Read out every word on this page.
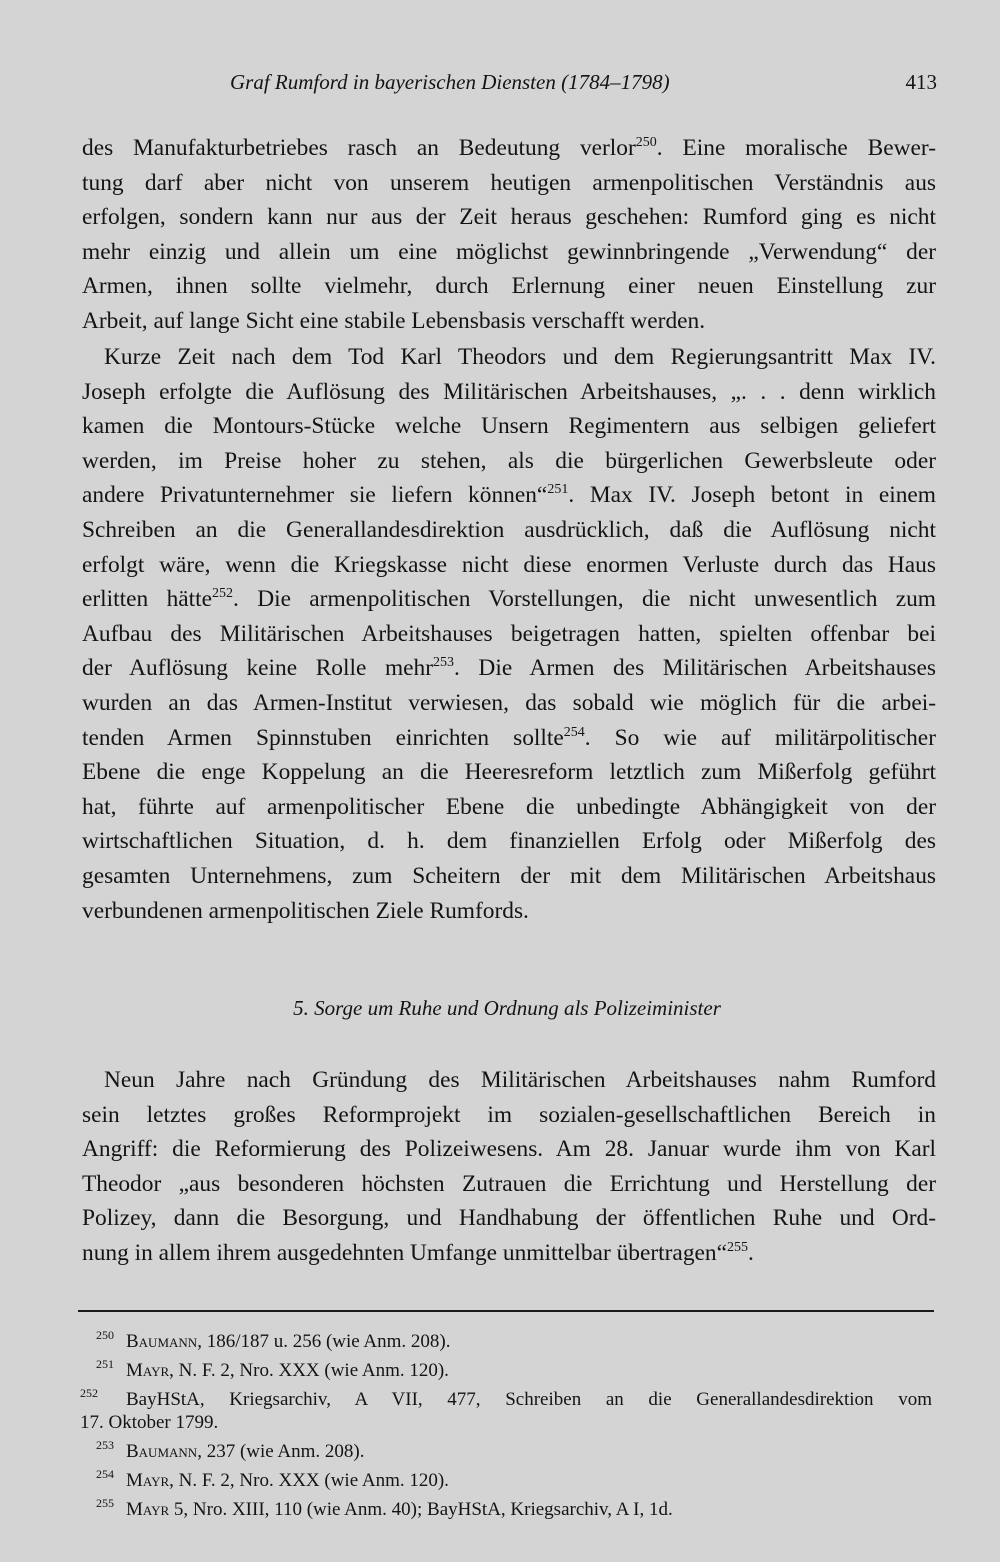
Graf Rumford in bayerischen Diensten (1784–1798)	413
des Manufakturbetriebes rasch an Bedeutung verlor$^{250}$. Eine moralische Bewer-
tung darf aber nicht von unserem heutigen armenpolitischen Verständnis aus
erfolgen, sondern kann nur aus der Zeit heraus geschehen: Rumford ging es nicht
mehr einzig und allein um eine möglichst gewinnbringende „Verwendung“ der
Armen, ihnen sollte vielmehr, durch Erlernung einer neuen Einstellung zur
Arbeit, auf lange Sicht eine stabile Lebensbasis verschafft werden.
Kurze Zeit nach dem Tod Karl Theodors und dem Regierungsantritt Max IV.
Joseph erfolgte die Auflösung des Militärischen Arbeitshauses, „. . . denn wirklich
kamen die Montours-Stücke welche Unsern Regimentern aus selbigen geliefert
werden, im Preise hoher zu stehen, als die bürgerlichen Gewerbsleute oder
andere Privatunternehmer sie liefern können“$^{251}$. Max IV. Joseph betont in einem
Schreiben an die Generallandesdirektion ausdrücklich, daß die Auflösung nicht
erfolgt wäre, wenn die Kriegskasse nicht diese enormen Verluste durch das Haus
erlitten hätte$^{252}$. Die armenpolitischen Vorstellungen, die nicht unwesentlich zum
Aufbau des Militärischen Arbeitshauses beigetragen hatten, spielten offenbar bei
der Auflösung keine Rolle mehr$^{253}$. Die Armen des Militärischen Arbeitshauses
wurden an das Armen-Institut verwiesen, das sobald wie möglich für die arbei-
tenden Armen Spinnstuben einrichten sollte$^{254}$. So wie auf militärpolitischer
Ebene die enge Koppelung an die Heeresreform letztlich zum Mißerfolg geführt
hat, führte auf armenpolitischer Ebene die unbedingte Abhängigkeit von der
wirtschaftlichen Situation, d. h. dem finanziellen Erfolg oder Mißerfolg des
gesamten Unternehmens, zum Scheitern der mit dem Militärischen Arbeitshaus
verbundenen armenpolitischen Ziele Rumfords.
5. Sorge um Ruhe und Ordnung als Polizeiminister
Neun Jahre nach Gründung des Militärischen Arbeitshauses nahm Rumford
sein letztes großes Reformprojekt im sozialen-gesellschaftlichen Bereich in
Angriff: die Reformierung des Polizeiwesens. Am 28. Januar wurde ihm von Karl
Theodor „aus besonderen höchsten Zutrauen die Errichtung und Herstellung der
Polizey, dann die Besorgung, und Handhabung der öffentlichen Ruhe und Ord-
nung in allem ihrem ausgedehnten Umfange unmittelbar übertragen“$^{255}$.
250 Baumann, 186/187 u. 256 (wie Anm. 208).
251 Mayr, N. F. 2, Nro. XXX (wie Anm. 120).
252 BayHStA, Kriegsarchiv, A VII, 477, Schreiben an die Generallandesdirektion vom
17. Oktober 1799.
253 Baumann, 237 (wie Anm. 208).
254 Mayr, N. F. 2, Nro. XXX (wie Anm. 120).
255 Mayr 5, Nro. XIII, 110 (wie Anm. 40); BayHStA, Kriegsarchiv, A I, 1d.
